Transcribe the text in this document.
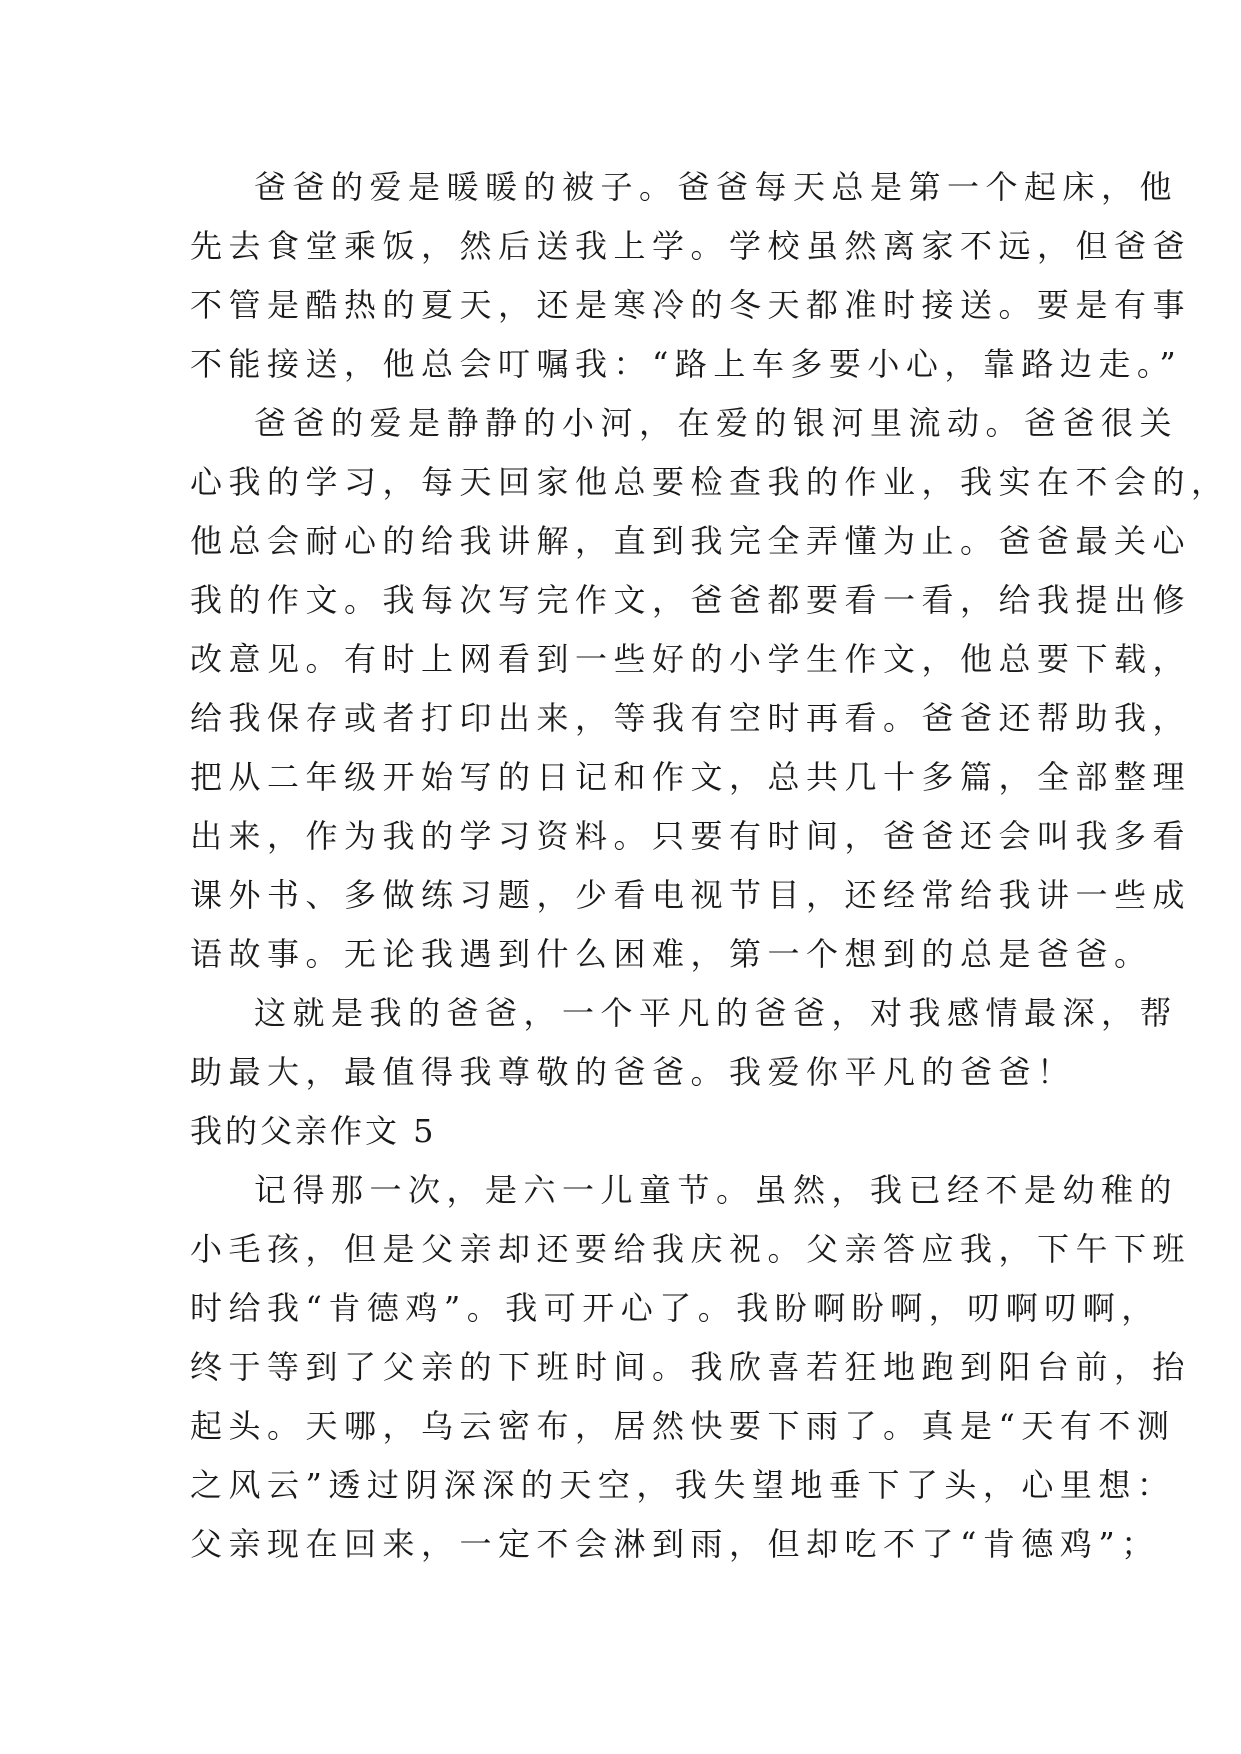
爸爸的爱是暖暖的被子。爸爸每天总是第一个起床，他
先去食堂乘饭，然后送我上学。学校虽然离家不远，但爸爸
不管是酷热的夏天，还是寒冷的冬天都准时接送。要是有事
不能接送，他总会叮嘱我：“路上车多要小心，靠路边走。”
爸爸的爱是静静的小河，在爱的银河里流动。爸爸很关
心我的学习，每天回家他总要检查我的作业，我实在不会的，
他总会耐心的给我讲解，直到我完全弄懂为止。爸爸最关心
我的作文。我每次写完作文，爸爸都要看一看，给我提出修
改意见。有时上网看到一些好的小学生作文，他总要下载，
给我保存或者打印出来，等我有空时再看。爸爸还帮助我，
把从二年级开始写的日记和作文，总共几十多篇，全部整理
出来，作为我的学习资料。只要有时间，爸爸还会叫我多看
课外书、多做练习题，少看电视节目，还经常给我讲一些成
语故事。无论我遇到什么困难，第一个想到的总是爸爸。
这就是我的爸爸，一个平凡的爸爸，对我感情最深，帮
助最大，最值得我尊敬的爸爸。我爱你平凡的爸爸！
我的父亲作文 5
记得那一次，是六一儿童节。虽然，我已经不是幼稚的
小毛孩，但是父亲却还要给我庆祝。父亲答应我，下午下班
时给我“肯德鸡”。我可开心了。我盼啊盼啊，叨啊叨啊，
终于等到了父亲的下班时间。我欣喜若狂地跑到阳台前，抬
起头。天哪，乌云密布，居然快要下雨了。真是“天有不测
之风云”透过阴深深的天空，我失望地垂下了头，心里想：
父亲现在回来，一定不会淋到雨，但却吃不了“肯德鸡”；
